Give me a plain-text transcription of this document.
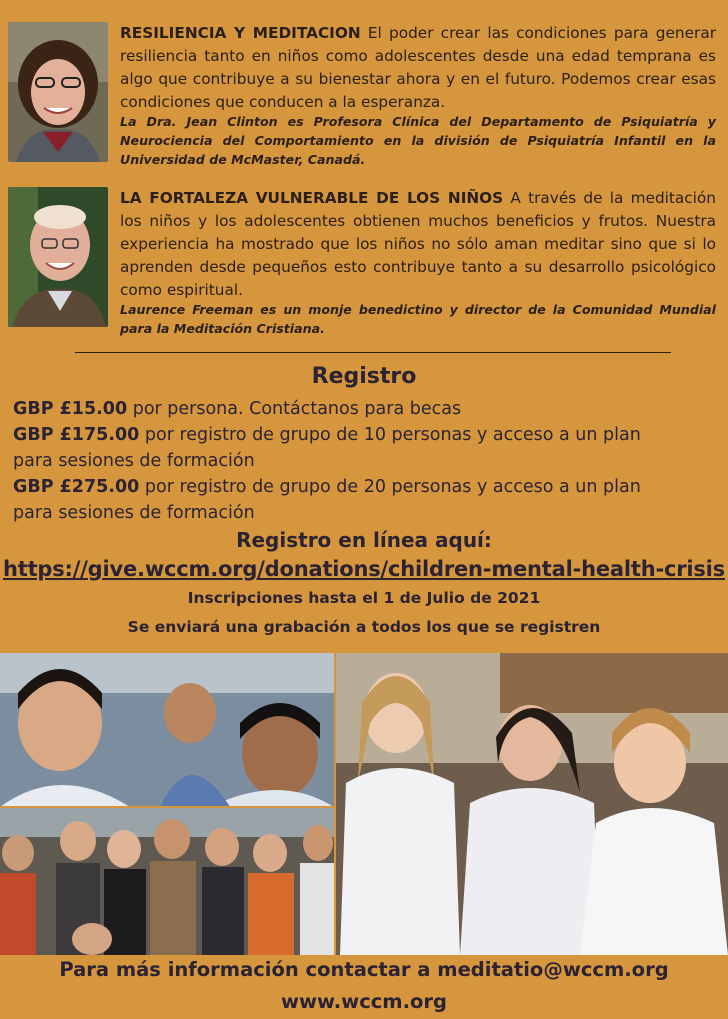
RESILIENCIA Y MEDITACION El poder crear las condiciones para generar resiliencia tanto en niños como adolescentes desde una edad temprana es algo que contribuye a su bienestar ahora y en el futuro. Podemos crear esas condiciones que conducen a la esperanza.
La Dra. Jean Clinton es Profesora Clínica del Departamento de Psiquiatría y Neurociencia del Comportamiento en la división de Psiquiatría Infantil en la Universidad de McMaster, Canadá.
LA FORTALEZA VULNERABLE DE LOS NIÑOS A través de la meditación los niños y los adolescentes obtienen muchos beneficios y frutos. Nuestra experiencia ha mostrado que los niños no sólo aman meditar sino que si lo aprenden desde pequeños esto contribuye tanto a su desarrollo psicológico como espiritual.
Laurence Freeman es un monje benedictino y director de la Comunidad Mundial para la Meditación Cristiana.
Registro

GBP £15.00 por persona. Contáctanos para becas

GBP £175.00 por registro de grupo de 10 personas y acceso a un plan para sesiones de formación

GBP £275.00 por registro de grupo de 20 personas y acceso a un plan para sesiones de formación

Registro en línea aquí:
https://give.wccm.org/donations/children-mental-health-crisis
Inscripciones hasta el 1 de Julio de 2021
Se enviará una grabación a todos los que se registren
Para más información contactar a meditatio@wccm.org
www.wccm.org
